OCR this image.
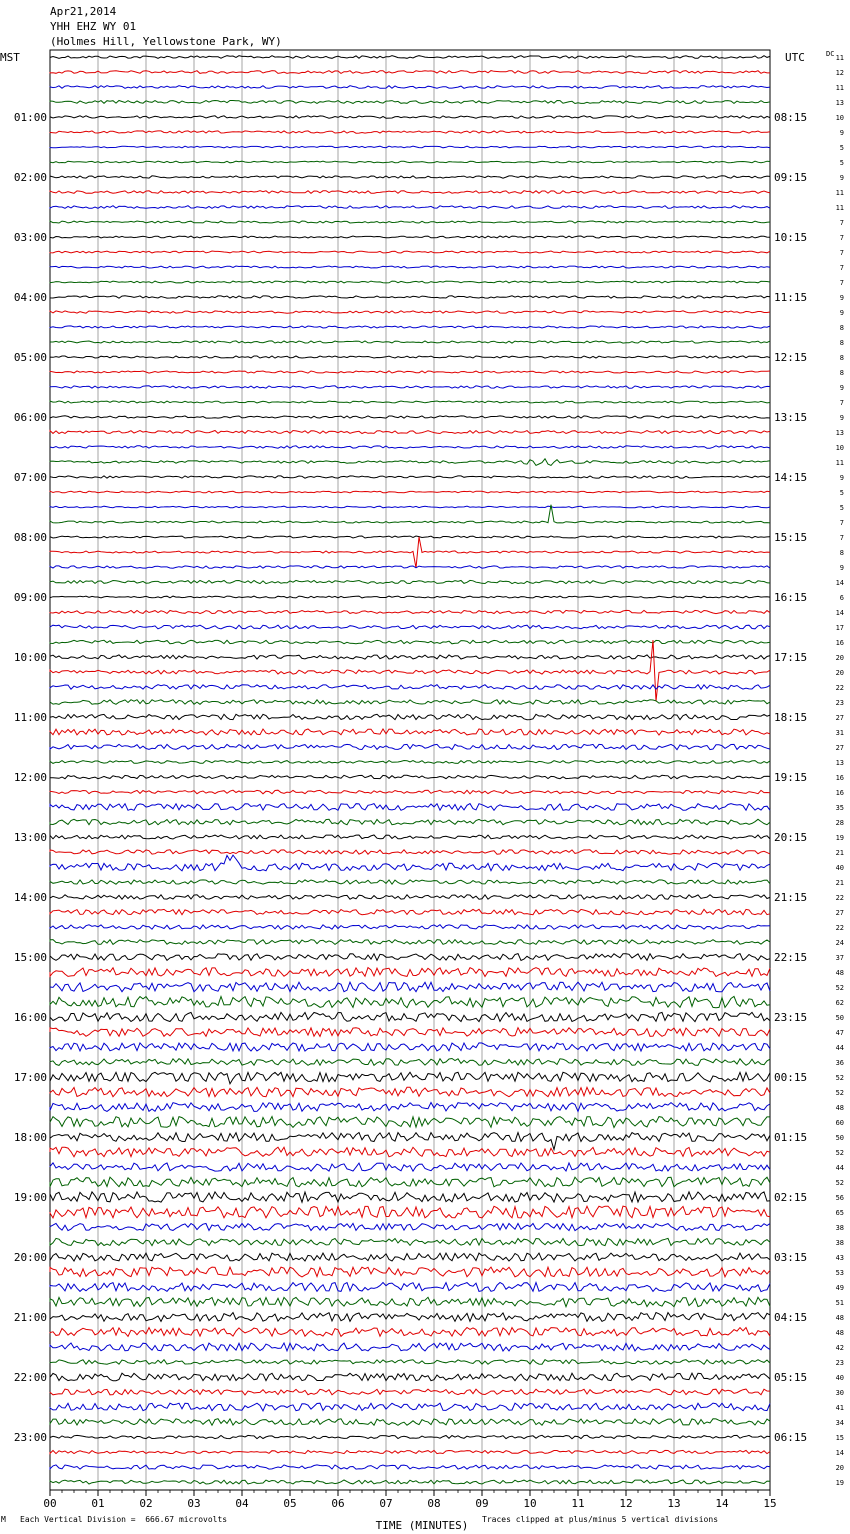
Apr21,2014
YHH EHZ WY 01
(Holmes Hill, Yellowstone Park, WY)
11
12
11
13
10
9
5
5
9
11
11
7
7
7
7
7
9
9
8
8
8
8
9
7
9
13
10
11
9
5
5
7
7
8
9
14
6
14
17
16
20
20
22
23
27
31
27
13
16
16
35
28
19
21
40
21
22
27
22
24
37
48
52
62
50
47
44
36
52
52
48
60
50
52
44
52
56
65
38
38
43
53
49
51
48
48
42
23
40
30
41
34
15
14
20
19
01:00
02:00
03:00
04:00
05:00
06:00
07:00
08:00
09:00
10:00
11:00
12:00
13:00
14:00
15:00
16:00
17:00
18:00
19:00
20:00
21:00
22:00
23:00
08:15
09:15
10:15
11:15
12:15
13:15
14:15
15:15
16:15
17:15
18:15
19:15
20:15
21:15
22:15
23:15
00:15
01:15
02:15
03:15
04:15
05:15
06:15
MST	UTC	DC
00	01	02	03	04	05	06	07	08	09	10	11	12	13	14	15
TIME (MINUTES)
M Each Vertical Division =  666.67 microvolts	Traces clipped at plus/minus 5 vertical divisions
